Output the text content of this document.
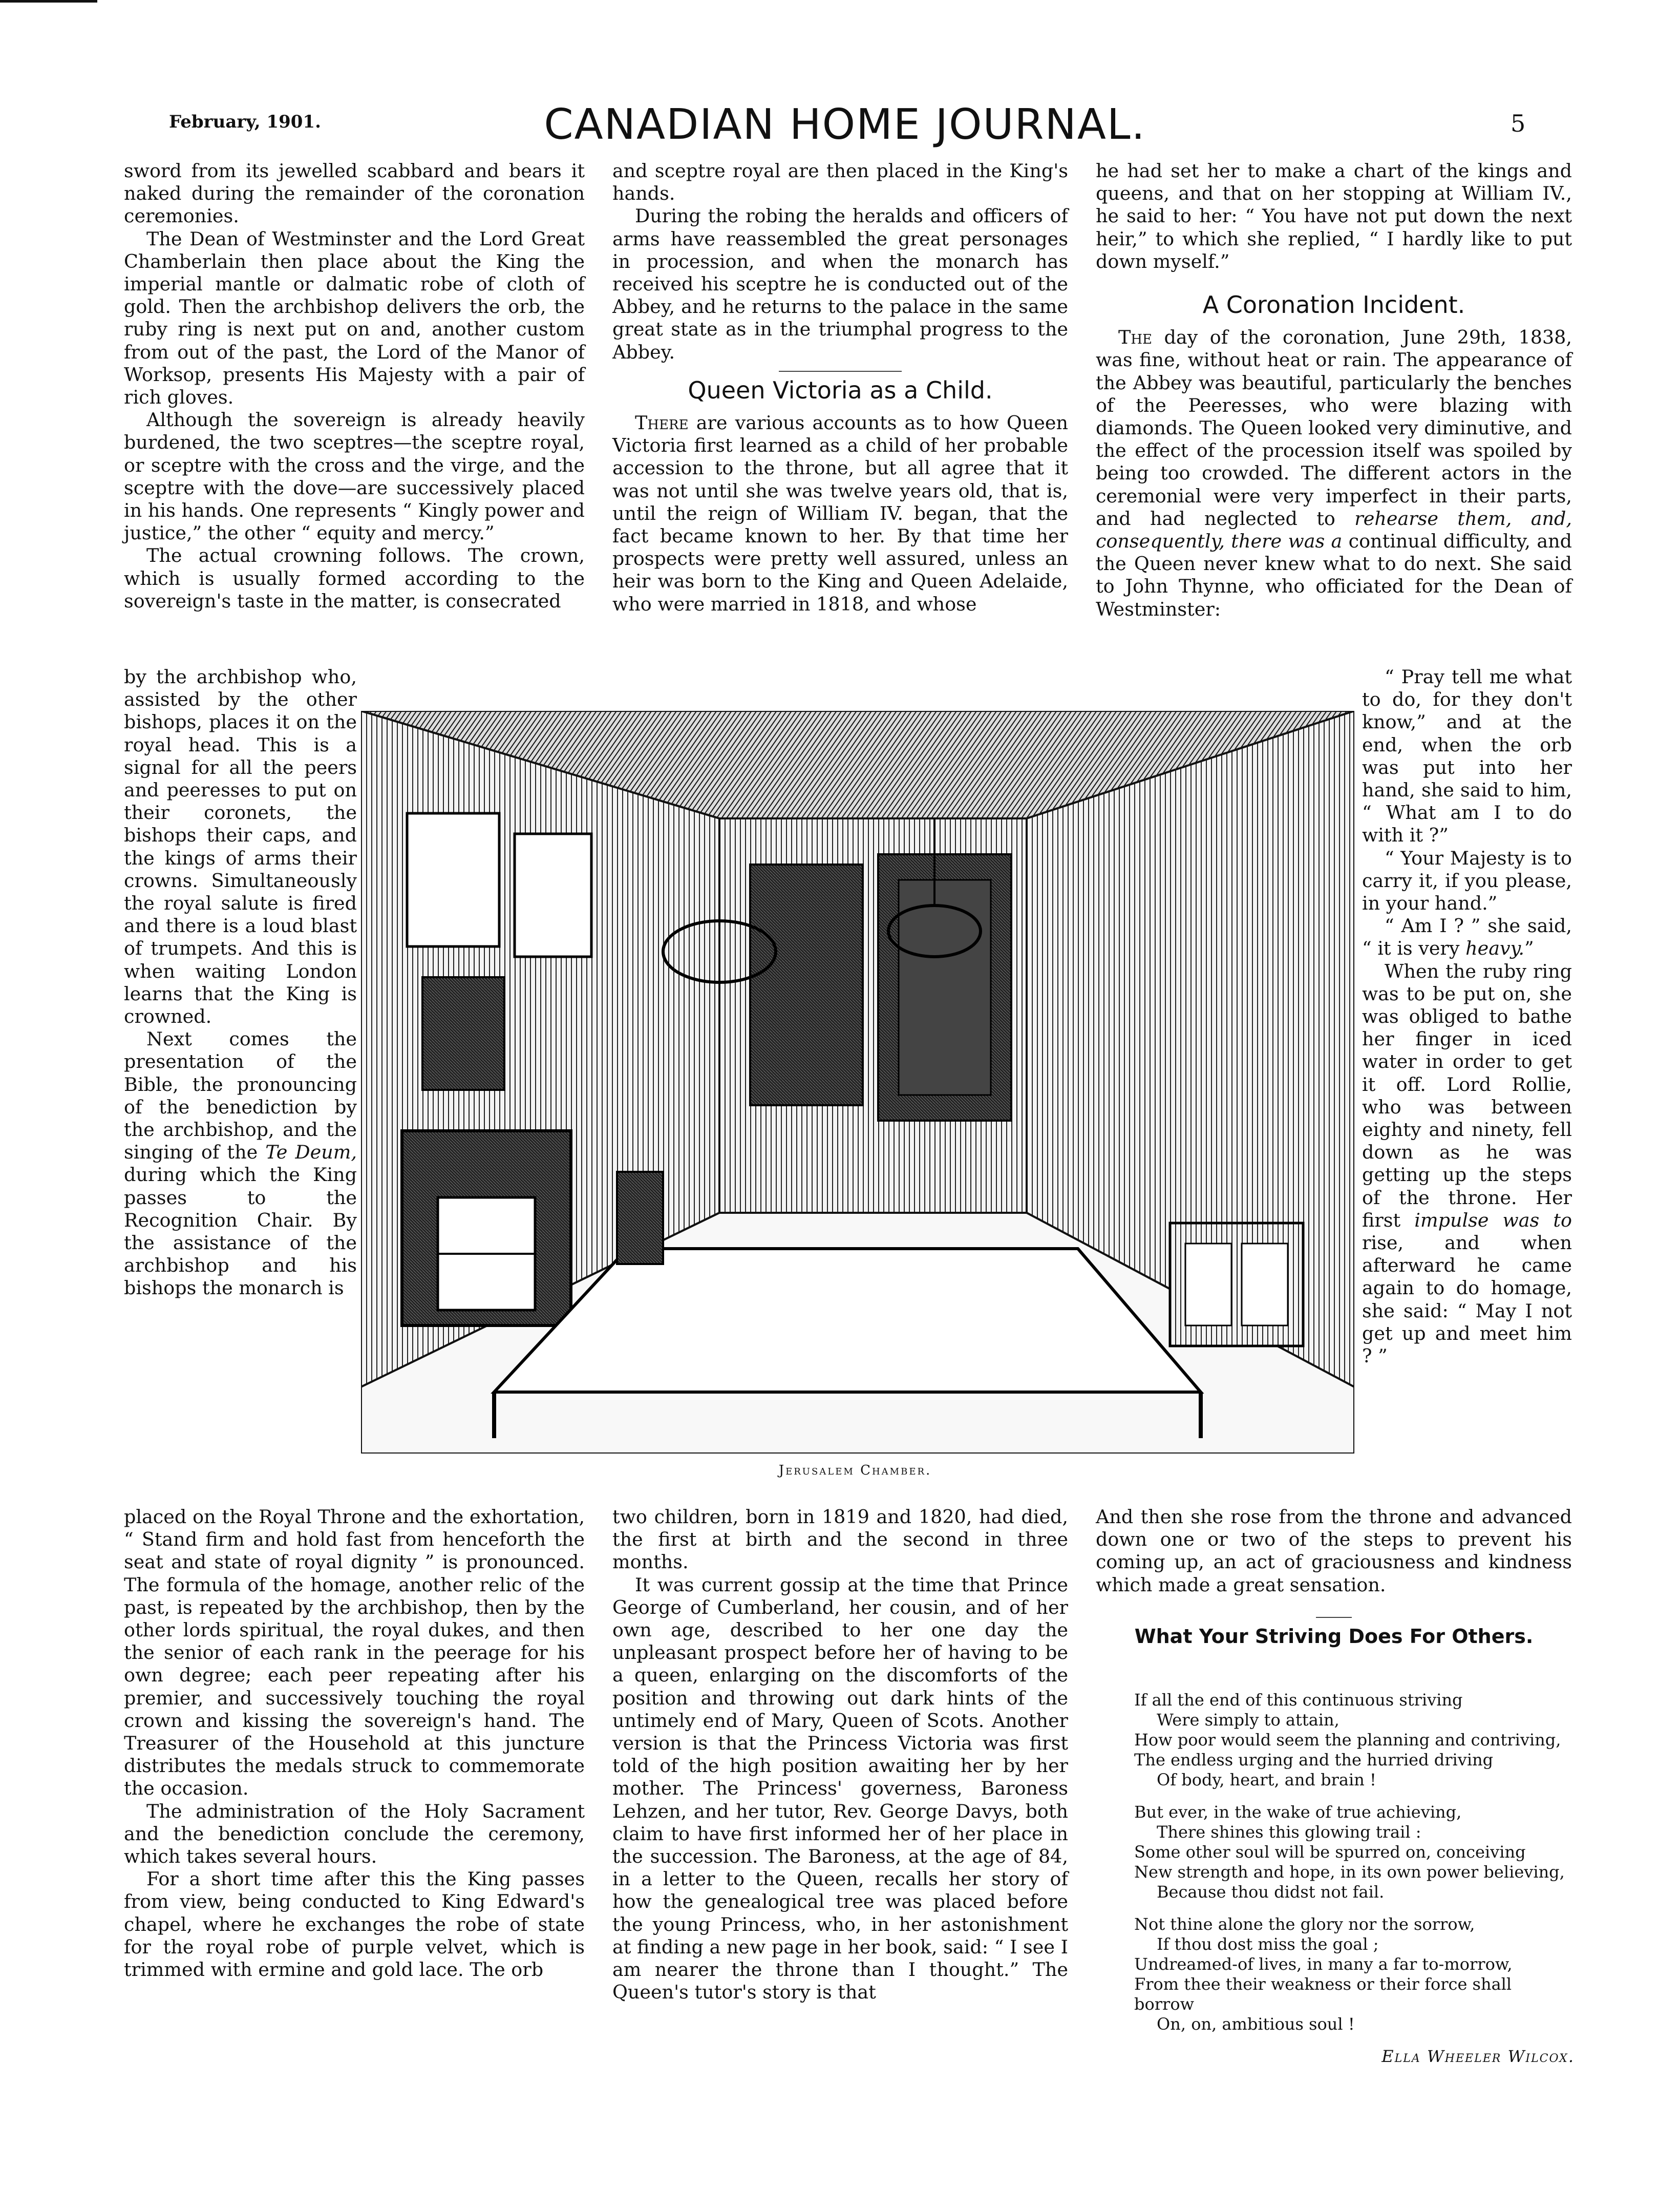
February, 1901.	CANADIAN HOME JOURNAL.	5

sword from its jewelled scabbard and bears it naked during the remainder of the coronation ceremonies.

The Dean of Westminster and the Lord Great Chamberlain then place about the King the imperial mantle or dalmatic robe of cloth of gold. Then the archbishop delivers the orb, the ruby ring is next put on and, another custom from out of the past, the Lord of the Manor of Worksop, presents His Majesty with a pair of rich gloves.

Although the sovereign is already heavily burdened, the two sceptres—the sceptre royal, or sceptre with the cross and the virge, and the sceptre with the dove—are successively placed in his hands. One represents “ Kingly power and justice,” the other “ equity and mercy.”

The actual crowning follows. The crown, which is usually formed according to the sovereign's taste in the matter, is consecrated

by the archbishop who, assisted by the other bishops, places it on the royal head. This is a signal for all the peers and peeresses to put on their coronets, the bishops their caps, and the kings of arms their crowns. Simultaneously the royal salute is fired and there is a loud blast of trumpets. And this is when waiting London learns that the King is crowned.

Next comes the presentation of the Bible, the pronouncing of the benediction by the archbishop, and the singing of the Te Deum, during which the King passes to the Recognition Chair. By the assistance of the archbishop and his bishops the monarch is

placed on the Royal Throne and the exhortation, “ Stand firm and hold fast from henceforth the seat and state of royal dignity ” is pronounced. The formula of the homage, another relic of the past, is repeated by the archbishop, then by the other lords spiritual, the royal dukes, and then the senior of each rank in the peerage for his own degree; each peer repeating after his premier, and successively touching the royal crown and kissing the sovereign's hand. The Treasurer of the Household at this juncture distributes the medals struck to commemorate the occasion.

The administration of the Holy Sacrament and the benediction conclude the ceremony, which takes several hours.

For a short time after this the King passes from view, being conducted to King Edward's chapel, where he exchanges the robe of state for the royal robe of purple velvet, which is trimmed with ermine and gold lace. The orb

and sceptre royal are then placed in the King's hands.

During the robing the heralds and officers of arms have reassembled the great personages in procession, and when the monarch has received his sceptre he is conducted out of the Abbey, and he returns to the palace in the same great state as in the triumphal progress to the Abbey.

Queen Victoria as a Child.

There are various accounts as to how Queen Victoria first learned as a child of her probable accession to the throne, but all agree that it was not until she was twelve years old, that is, until the reign of William IV. began, that the fact became known to her. By that time her prospects were pretty well assured, unless an heir was born to the King and Queen Adelaide, who were married in 1818, and whose

two children, born in 1819 and 1820, had died, the first at birth and the second in three months.

It was current gossip at the time that Prince George of Cumberland, her cousin, and of her own age, described to her one day the unpleasant prospect before her of having to be a queen, enlarging on the discomforts of the position and throwing out dark hints of the untimely end of Mary, Queen of Scots. Another version is that the Princess Victoria was first told of the high position awaiting her by her mother. The Princess' governess, Baroness Lehzen, and her tutor, Rev. George Davys, both claim to have first informed her of her place in the succession. The Baroness, at the age of 84, in a letter to the Queen, recalls her story of how the genealogical tree was placed before the young Princess, who, in her astonishment at finding a new page in her book, said: “ I see I am nearer the throne than I thought.” The Queen's tutor's story is that

he had set her to make a chart of the kings and queens, and that on her stopping at William IV., he said to her: “ You have not put down the next heir,” to which she replied, “ I hardly like to put down myself.”

A Coronation Incident.

The day of the coronation, June 29th, 1838, was fine, without heat or rain. The appearance of the Abbey was beautiful, particularly the benches of the Peeresses, who were blazing with diamonds. The Queen looked very diminutive, and the effect of the procession itself was spoiled by being too crowded. The different actors in the ceremonial were very imperfect in their parts, and had neglected to rehearse them, and, consequently, there was a continual difficulty, and the Queen never knew what to do next. She said to John Thynne, who officiated for the Dean of Westminster:

“ Pray tell me what to do, for they don't know,” and at the end, when the orb was put into her hand, she said to him, “ What am I to do with it ?”

“ Your Majesty is to carry it, if you please, in your hand.”

“ Am I ? ” she said, “ it is very heavy.”

When the ruby ring was to be put on, she was obliged to bathe her finger in iced water in order to get it off. Lord Rollie, who was between eighty and ninety, fell down as he was getting up the steps of the throne. Her first impulse was to rise, and when afterward he came again to do homage, she said: “ May I not get up and meet him ? ”

And then she rose from the throne and advanced down one or two of the steps to prevent his coming up, an act of graciousness and kindness which made a great sensation.

What Your Striving Does For Others.
If all the end of this continuous striving
Were simply to attain,
How poor would seem the planning and contriving,
The endless urging and the hurried driving
Of body, heart, and brain !
But ever, in the wake of true achieving,
There shines this glowing trail :
Some other soul will be spurred on, conceiving
New strength and hope, in its own power believing,
Because thou didst not fail.
Not thine alone the glory nor the sorrow,
If thou dost miss the goal ;
Undreamed-of lives, in many a far to-morrow,
From thee their weakness or their force shall borrow
On, on, ambitious soul !
Ella Wheeler Wilcox.
Jerusalem Chamber.
